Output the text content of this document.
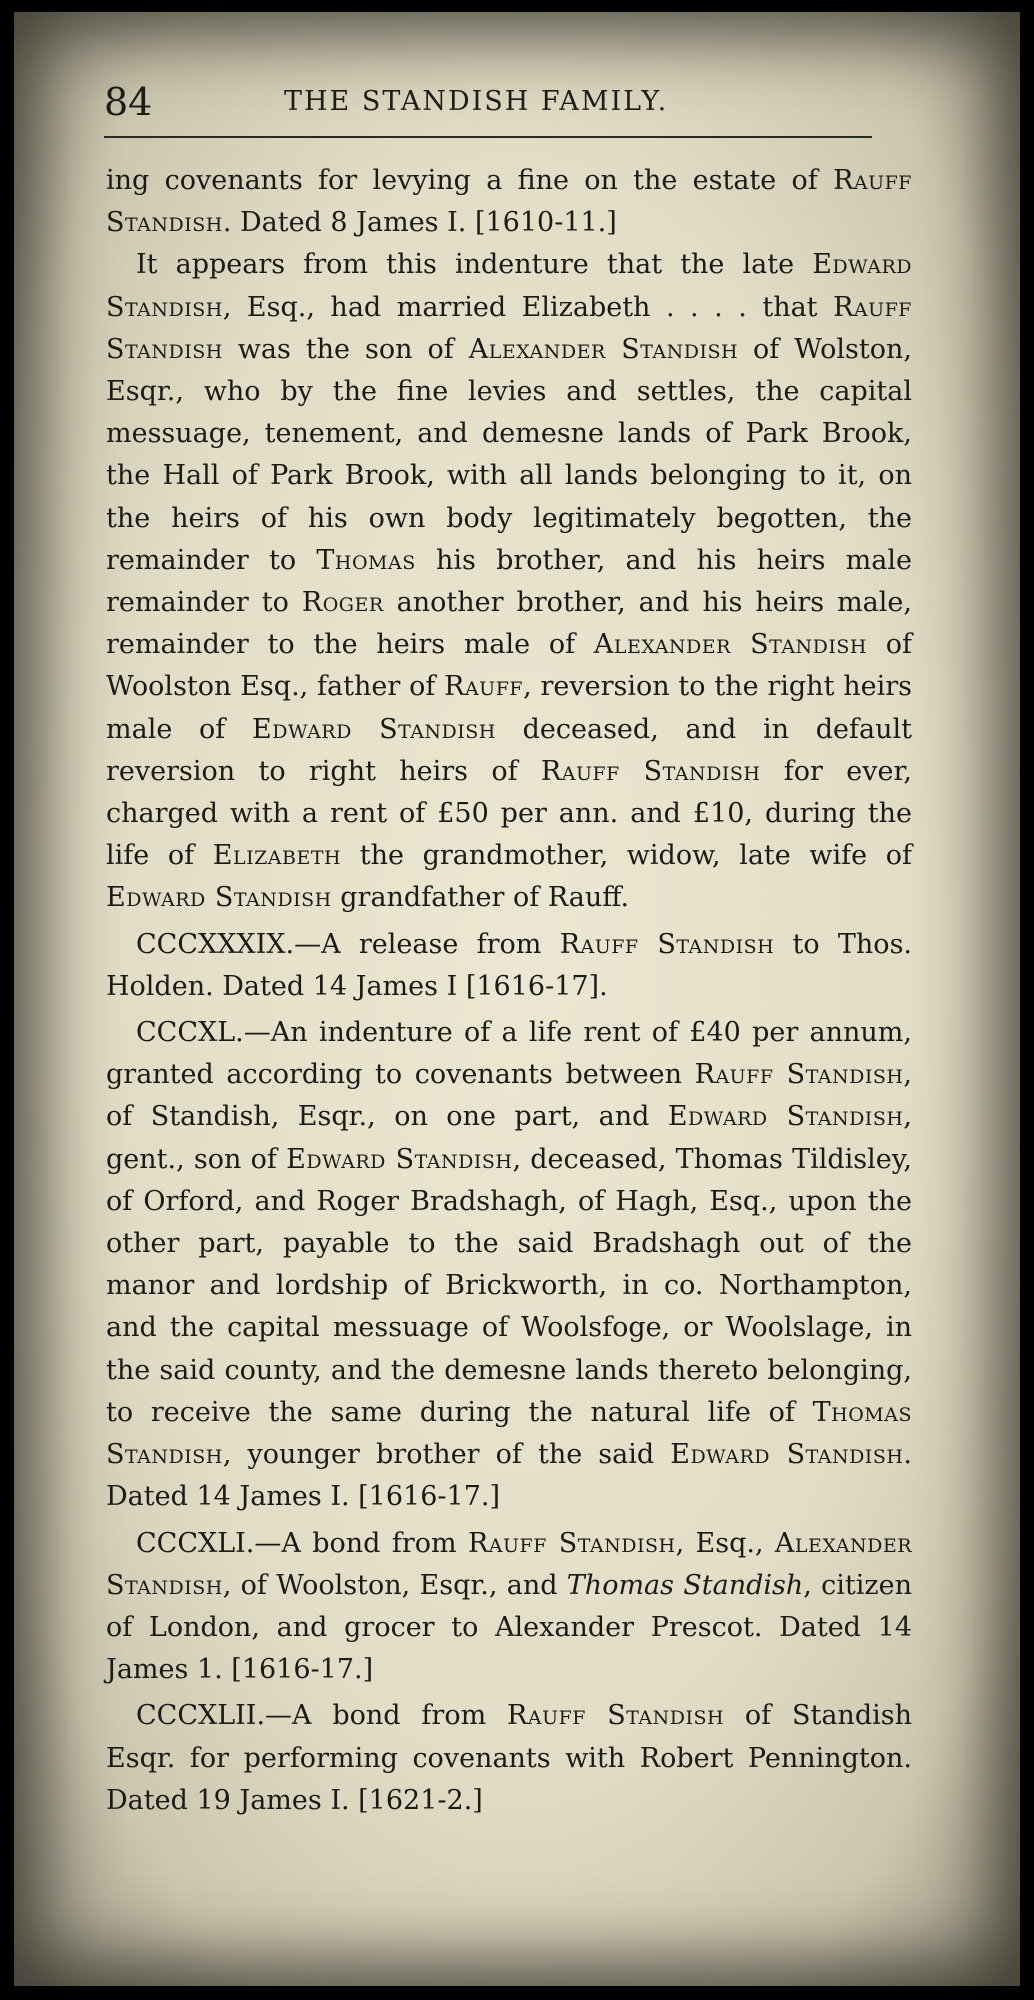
84	THE STANDISH FAMILY.

ing covenants for levying a fine on the estate of Rauff Standish. Dated 8 James I. [1610-11.]

It appears from this indenture that the late Edward Standish, Esq., had married Elizabeth . . . . that Rauff Standish was the son of Alexander Standish of Wolston, Esqr., who by the fine levies and settles, the capital messuage, tenement, and demesne lands of Park Brook, the Hall of Park Brook, with all lands belonging to it, on the heirs of his own body legitimately begotten, the remainder to Thomas his brother, and his heirs male remainder to Roger another brother, and his heirs male, remainder to the heirs male of Alexander Standish of Woolston Esq., father of Rauff, reversion to the right heirs male of Edward Standish deceased, and in default reversion to right heirs of Rauff Standish for ever, charged with a rent of £50 per ann. and £10, during the life of Elizabeth the grandmother, widow, late wife of Edward Standish grandfather of Rauff.

CCCXXXIX.—A release from Rauff Standish to Thos. Holden. Dated 14 James I [1616-17].

CCCXL.—An indenture of a life rent of £40 per annum, granted according to covenants between Rauff Standish, of Standish, Esqr., on one part, and Edward Standish, gent., son of Edward Standish, deceased, Thomas Tildisley, of Orford, and Roger Bradshagh, of Hagh, Esq., upon the other part, payable to the said Bradshagh out of the manor and lordship of Brickworth, in co. Northampton, and the capital messuage of Woolsfoge, or Woolslage, in the said county, and the demesne lands thereto belonging, to receive the same during the natural life of Thomas Standish, younger brother of the said Edward Standish. Dated 14 James I. [1616-17.]

CCCXLI.—A bond from Rauff Standish, Esq., Alexander Standish, of Woolston, Esqr., and Thomas Standish, citizen of London, and grocer to Alexander Prescot. Dated 14 James 1. [1616-17.]

CCCXLII.—A bond from Rauff Standish of Standish Esqr. for performing covenants with Robert Pennington. Dated 19 James I. [1621-2.]
